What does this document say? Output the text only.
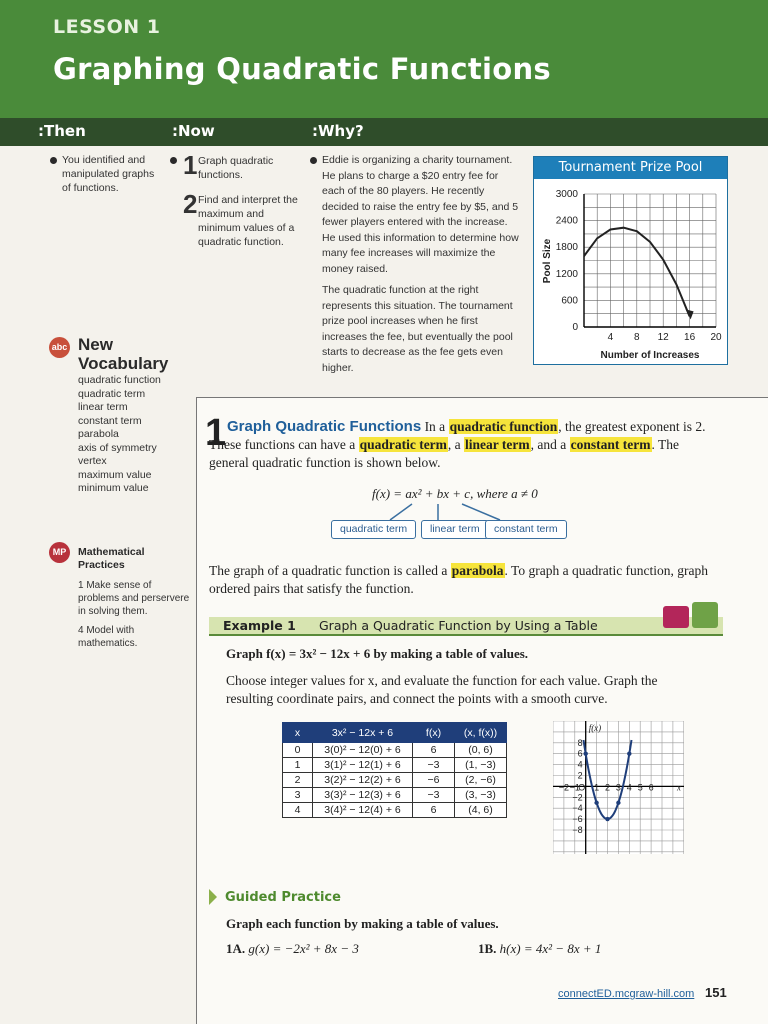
LESSON 1
Graphing Quadratic Functions
:Then	:Now	:Why?
You identified and manipulated graphs of functions.
1 Graph quadratic functions.
2 Find and interpret the maximum and minimum values of a quadratic function.
Eddie is organizing a charity tournament. He plans to charge a $20 entry fee for each of the 80 players. He recently decided to raise the entry fee by $5, and 5 fewer players entered with the increase. He used this information to determine how many fee increases will maximize the money raised.
The quadratic function at the right represents this situation. The tournament prize pool increases when he first increases the fee, but eventually the pool starts to decrease as the fee gets even higher.
Tournament Prize Pool
0
600
1200
1800
2400
3000
4 8 12 16 20
Number of Increases
Pool Size
abc New
Vocabulary
quadratic function
quadratic term
linear term
constant term
parabola
axis of symmetry
vertex
maximum value
minimum value
MP	Mathematical
Practices
1 Make sense of problems and perservere in solving them.
4 Model with mathematics.
1 Graph Quadratic Functions In a quadratic function, the greatest exponent is 2. These functions can have a quadratic term, a linear term, and a constant term. The general quadratic function is shown below.
f(x) = ax² + bx + c, where a ≠ 0
quadratic term	linear term	constant term
The graph of a quadratic function is called a parabola. To graph a quadratic function, graph ordered pairs that satisfy the function.
Example 1 Graph a Quadratic Function by Using a Table
Graph f(x) = 3x² − 12x + 6 by making a table of values.
Choose integer values for x, and evaluate the function for each value. Graph the resulting coordinate pairs, and connect the points with a smooth curve.
x	3x² − 12x + 6	f(x)	(x, f(x))
0	3(0)² − 12(0) + 6	6	(0, 6)
1	3(1)² − 12(1) + 6	−3	(1, −3)
2	3(2)² − 12(2) + 6	−6	(2, −6)
3	3(3)² − 12(3) + 6	−3	(3, −3)
4	3(4)² − 12(4) + 6	6	(4, 6)
−2 −1
O 1 2 3 4 5 6
8
6
4
2
−2
−4
−6
−8
f(x)
x
Guided Practice
Graph each function by making a table of values.
1A. g(x) = −2x² + 8x − 3	1B. h(x) = 4x² − 8x + 1
connectED.mcgraw-hill.com 151
